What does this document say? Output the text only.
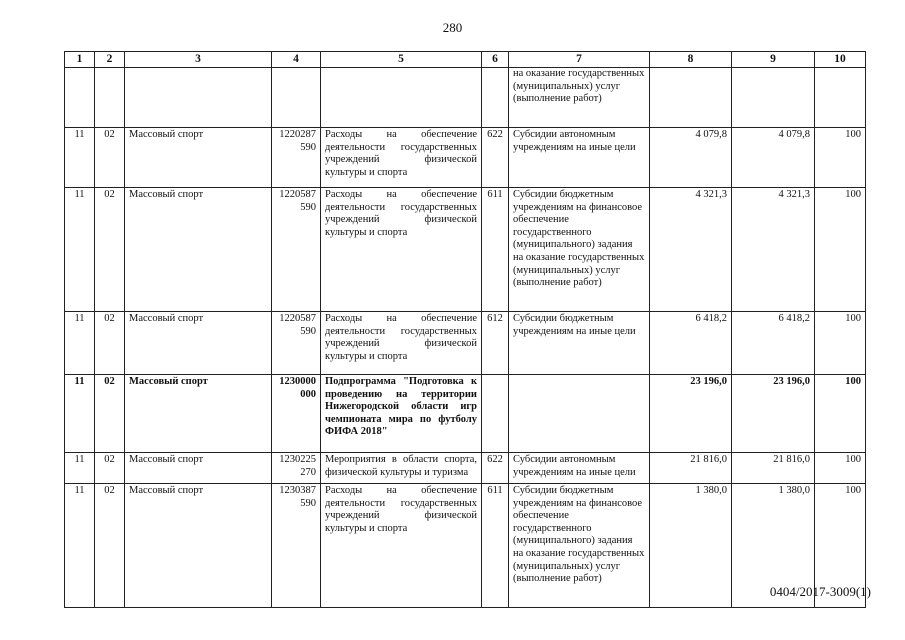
280
1	2	3	4	5	6	7	8	9	10
						на оказание государственных (муниципальных) услуг (выполнение работ)			
11	02	Массовый спорт	1220287 590	Расходы на обеспечение деятельности государственных учреждений физической культуры и спорта	622	Субсидии автономным учреждениям на иные цели	4 079,8	4 079,8	100
11	02	Массовый спорт	1220587 590	Расходы на обеспечение деятельности государственных учреждений физической культуры и спорта	611	Субсидии бюджетным учреждениям на финансовое обеспечение государственного (муниципального) задания на оказание государственных (муниципальных) услуг (выполнение работ)	4 321,3	4 321,3	100
11	02	Массовый спорт	1220587 590	Расходы на обеспечение деятельности государственных учреждений физической культуры и спорта	612	Субсидии бюджетным учреждениям на иные цели	6 418,2	6 418,2	100
11	02	Массовый спорт	1230000 000	Подпрограмма "Подготовка к проведению на территории Нижегородской области игр чемпионата мира по футболу ФИФА 2018"			23 196,0	23 196,0	100
11	02	Массовый спорт	1230225 270	Мероприятия в области спорта, физической культуры и туризма	622	Субсидии автономным учреждениям на иные цели	21 816,0	21 816,0	100
11	02	Массовый спорт	1230387 590	Расходы на обеспечение деятельности государственных учреждений физической культуры и спорта	611	Субсидии бюджетным учреждениям на финансовое обеспечение государственного (муниципального) задания на оказание государственных (муниципальных) услуг (выполнение работ)	1 380,0	1 380,0	100
0404/2017-3009(1)
